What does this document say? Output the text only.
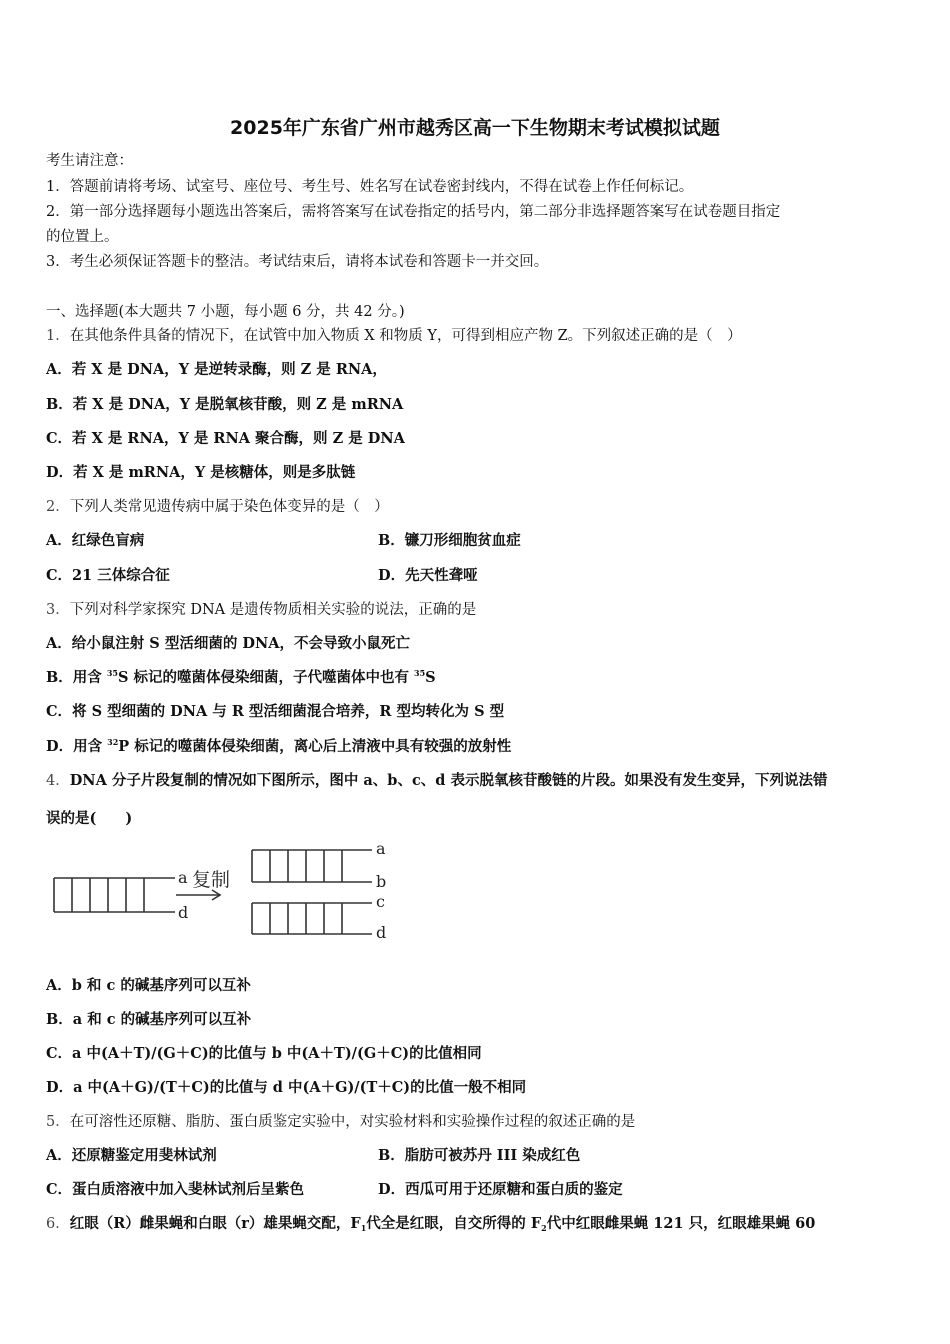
2025年广东省广州市越秀区高一下生物期末考试模拟试题
考生请注意：
1．答题前请将考场、试室号、座位号、考生号、姓名写在试卷密封线内，不得在试卷上作任何标记。
2．第一部分选择题每小题选出答案后，需将答案写在试卷指定的括号内，第二部分非选择题答案写在试卷题目指定
的位置上。
3．考生必须保证答题卡的整洁。考试结束后，请将本试卷和答题卡一并交回。
一、选择题(本大题共 7 小题，每小题 6 分，共 42 分。)
1．在其他条件具备的情况下，在试管中加入物质 X 和物质 Y，可得到相应产物 Z。下列叙述正确的是（　）
A．若 X 是 DNA，Y 是逆转录酶，则 Z 是 RNA，
B．若 X 是 DNA，Y 是脱氧核苷酸，则 Z 是 mRNA
C．若 X 是 RNA，Y 是 RNA 聚合酶，则 Z 是 DNA
D．若 X 是 mRNA，Y 是核糖体，则是多肽链
2．下列人类常见遗传病中属于染色体变异的是（　）
A．红绿色盲病	B．镰刀形细胞贫血症
C．21 三体综合征	D．先天性聋哑
3．下列对科学家探究 DNA 是遗传物质相关实验的说法，正确的是
A．给小鼠注射 S 型活细菌的 DNA，不会导致小鼠死亡
B．用含 $^{35}$S 标记的噬菌体侵染细菌，子代噬菌体中也有 $^{35}$S
C．将 S 型细菌的 DNA 与 R 型活细菌混合培养，R 型均转化为 S 型
D．用含 $^{32}$P 标记的噬菌体侵染细菌，离心后上清液中具有较强的放射性
4．DNA 分子片段复制的情况如下图所示，图中 a、b、c、d 表示脱氧核苷酸链的片段。如果没有发生变异，下列说法错
误的是(　　)
a
d
复制
a
b
c
d
A．b 和 c 的碱基序列可以互补
B．a 和 c 的碱基序列可以互补
C．a 中(A＋T)/(G＋C)的比值与 b 中(A＋T)/(G＋C)的比值相同
D．a 中(A＋G)/(T＋C)的比值与 d 中(A＋G)/(T＋C)的比值一般不相同
5．在可溶性还原糖、脂肪、蛋白质鉴定实验中，对实验材料和实验操作过程的叙述正确的是
A．还原糖鉴定用斐林试剂	B．脂肪可被苏丹 III 染成红色
C．蛋白质溶液中加入斐林试剂后呈紫色	D．西瓜可用于还原糖和蛋白质的鉴定
6．红眼（R）雌果蝇和白眼（r）雄果蝇交配，$F_1$代全是红眼，自交所得的 $F_2$代中红眼雌果蝇 121 只，红眼雄果蝇 60
